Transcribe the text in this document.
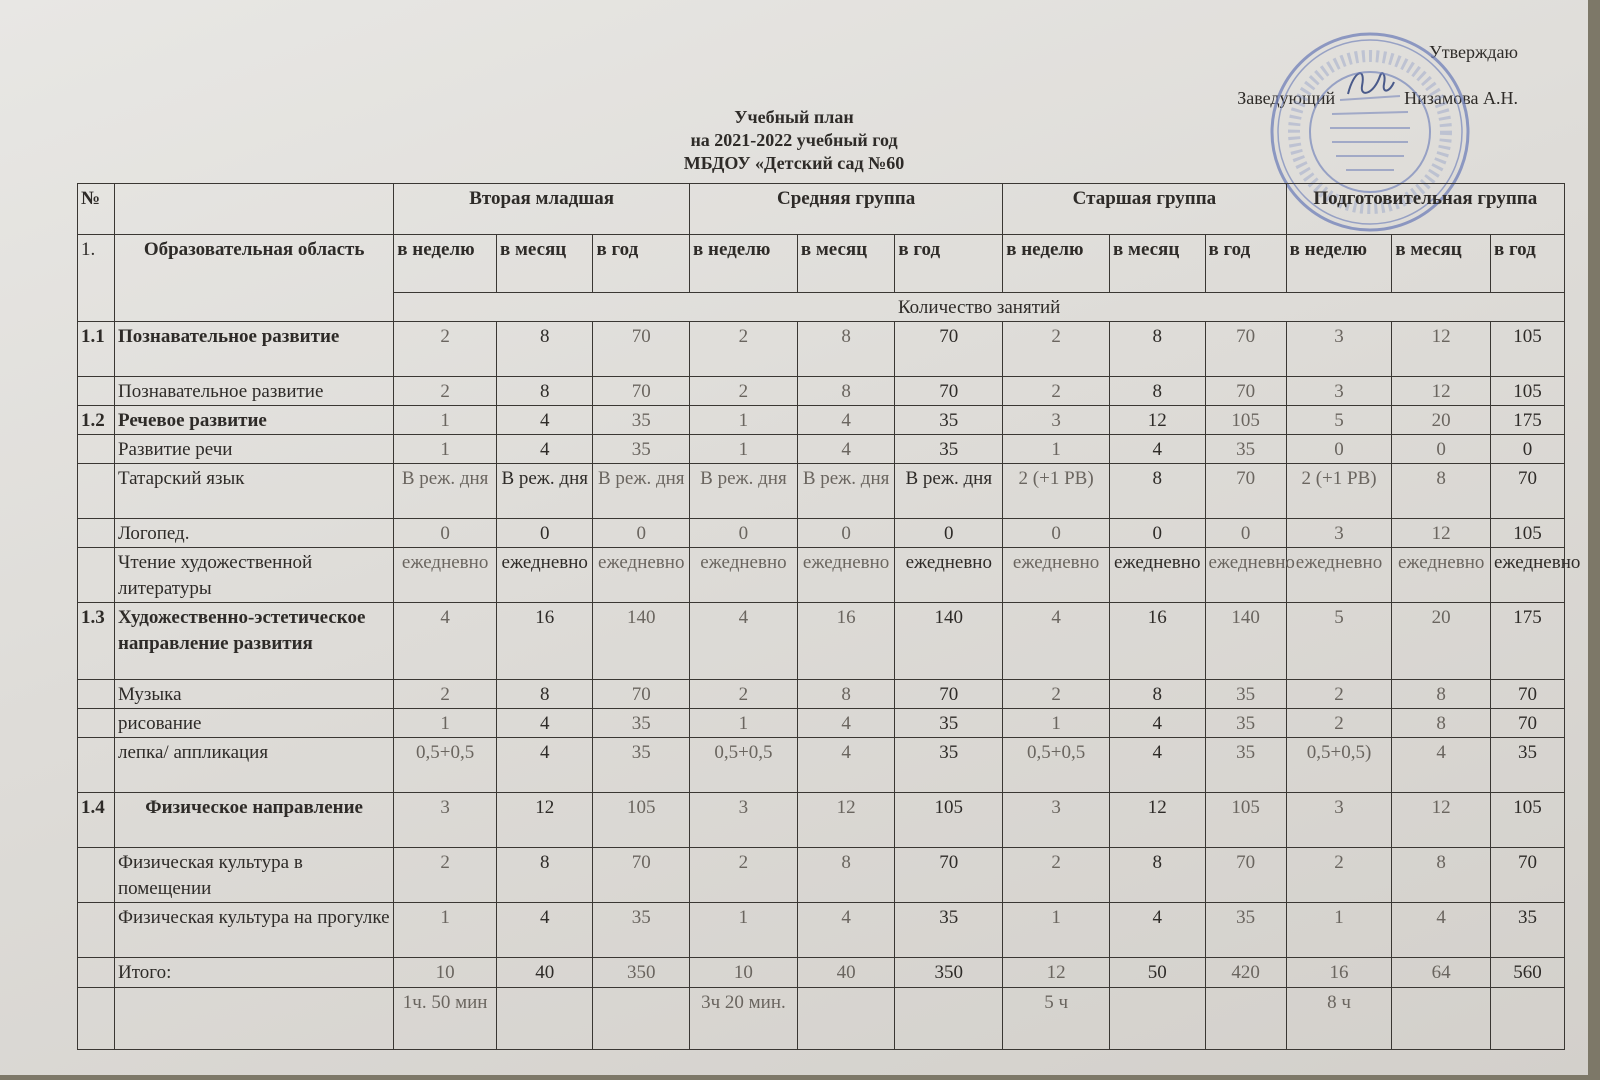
Утверждаю
Заведующий	Низамова А.Н.
Учебный план
на 2021-2022 учебный год
МБДОУ «Детский сад №60
№		Вторая младшая			Средняя группа			Старшая группа			Подготовительная группа		
1.	Образовательная область	в неделю	в месяц	в год	в неделю	в месяц	в год	в неделю	в месяц	в год	в неделю	в месяц	в год
		Количество занятий											
1.1	Познавательное развитие	2	8	70	2	8	70	2	8	70	3	12	105
	Познавательное развитие	2	8	70	2	8	70	2	8	70	3	12	105
1.2	Речевое развитие	1	4	35	1	4	35	3	12	105	5	20	175
	Развитие речи	1	4	35	1	4	35	1	4	35	0	0	0
	Татарский язык	В реж. дня	В реж. дня	В реж. дня	В реж. дня	В реж. дня	В реж. дня	2 (+1 РВ)	8	70	2 (+1 РВ)	8	70
	Логопед.	0	0	0	0	0	0	0	0	0	3	12	105
	Чтение художественной литературы	ежедневно	ежедневно	ежедневно	ежедневно	ежедневно	ежедневно	ежедневно	ежедневно	ежедневно	ежедневно	ежедневно	ежедневно
1.3	Художественно-эстетическое направление развития	4	16	140	4	16	140	4	16	140	5	20	175
	Музыка	2	8	70	2	8	70	2	8	35	2	8	70
	рисование	1	4	35	1	4	35	1	4	35	2	8	70
	лепка/ аппликация	0,5+0,5	4	35	0,5+0,5	4	35	0,5+0,5	4	35	0,5+0,5)	4	35
1.4	Физическое направление	3	12	105	3	12	105	3	12	105	3	12	105
	Физическая культура в помещении	2	8	70	2	8	70	2	8	70	2	8	70
	Физическая культура на прогулке	1	4	35	1	4	35	1	4	35	1	4	35
	Итого:	10	40	350	10	40	350	12	50	420	16	64	560
		1ч. 50 мин			3ч 20 мин.			5 ч			8 ч		
